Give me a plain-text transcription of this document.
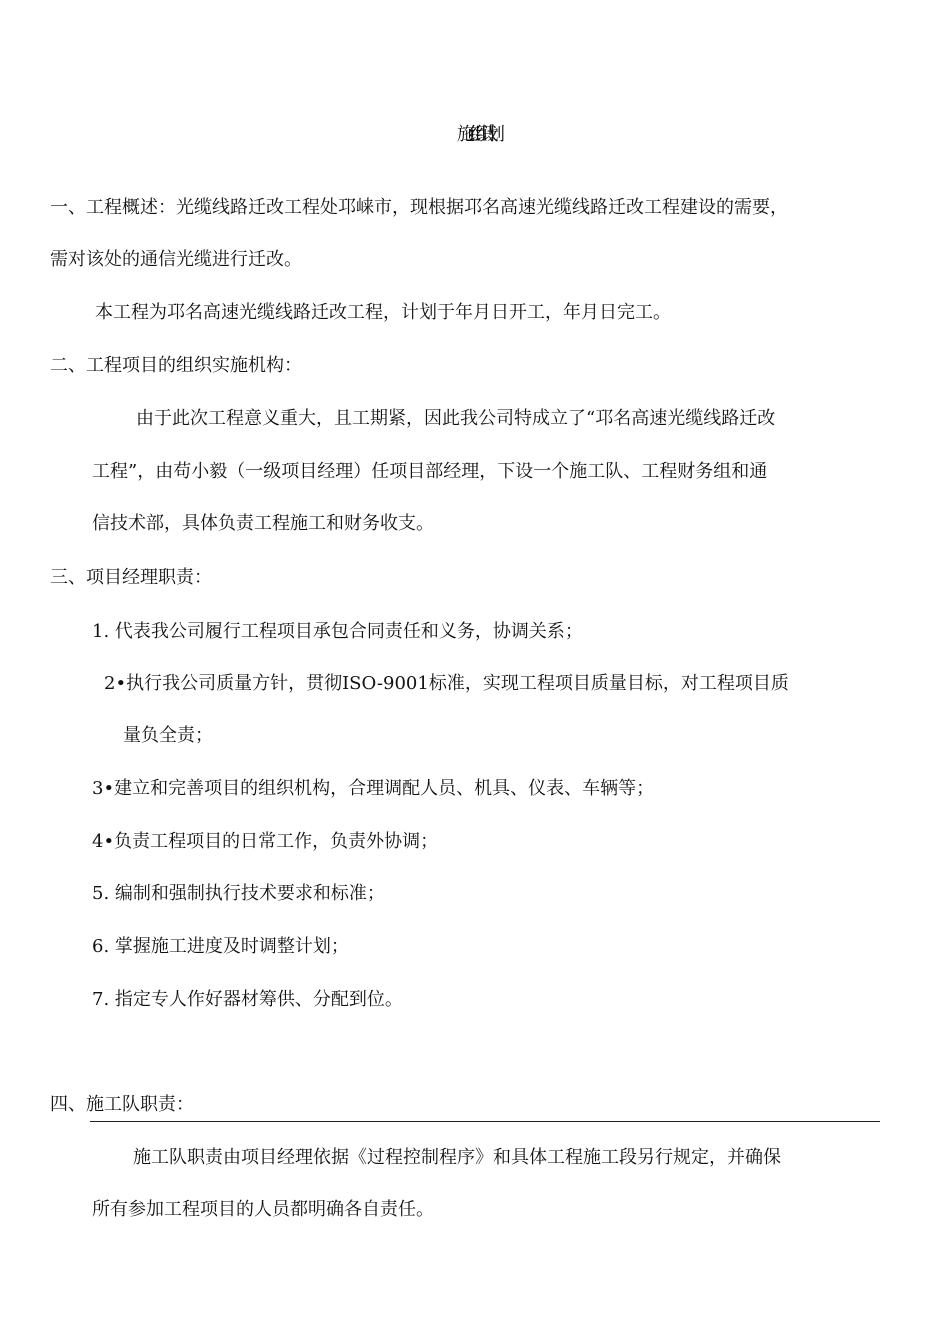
施工组织计划
一、工程概述：光缆线路迁改工程处邛崃市，现根据邛名高速光缆线路迁改工程建设的需要，
需对该处的通信光缆进行迁改。
本工程为邛名高速光缆线路迁改工程，计划于年月日开工，年月日完工。
二、工程项目的组织实施机构：
由于此次工程意义重大，且工期紧，因此我公司特成立了“邛名高速光缆线路迁改
工程”，由苟小毅（一级项目经理）任项目部经理，下设一个施工队、工程财务组和通
信技术部，具体负责工程施工和财务收支。
三、项目经理职责：
1. 代表我公司履行工程项目承包合同责任和义务，协调关系；
2•执行我公司质量方针，贯彻ISO-9001标准，实现工程项目质量目标，对工程项目质
量负全责；
3•建立和完善项目的组织机构，合理调配人员、机具、仪表、车辆等；
4•负责工程项目的日常工作，负责外协调；
5. 编制和强制执行技术要求和标准；
6. 掌握施工进度及时调整计划；
7. 指定专人作好器材筹供、分配到位。
四、施工队职责：
施工队职责由项目经理依据《过程控制程序》和具体工程施工段另行规定，并确保
所有参加工程项目的人员都明确各自责任。
